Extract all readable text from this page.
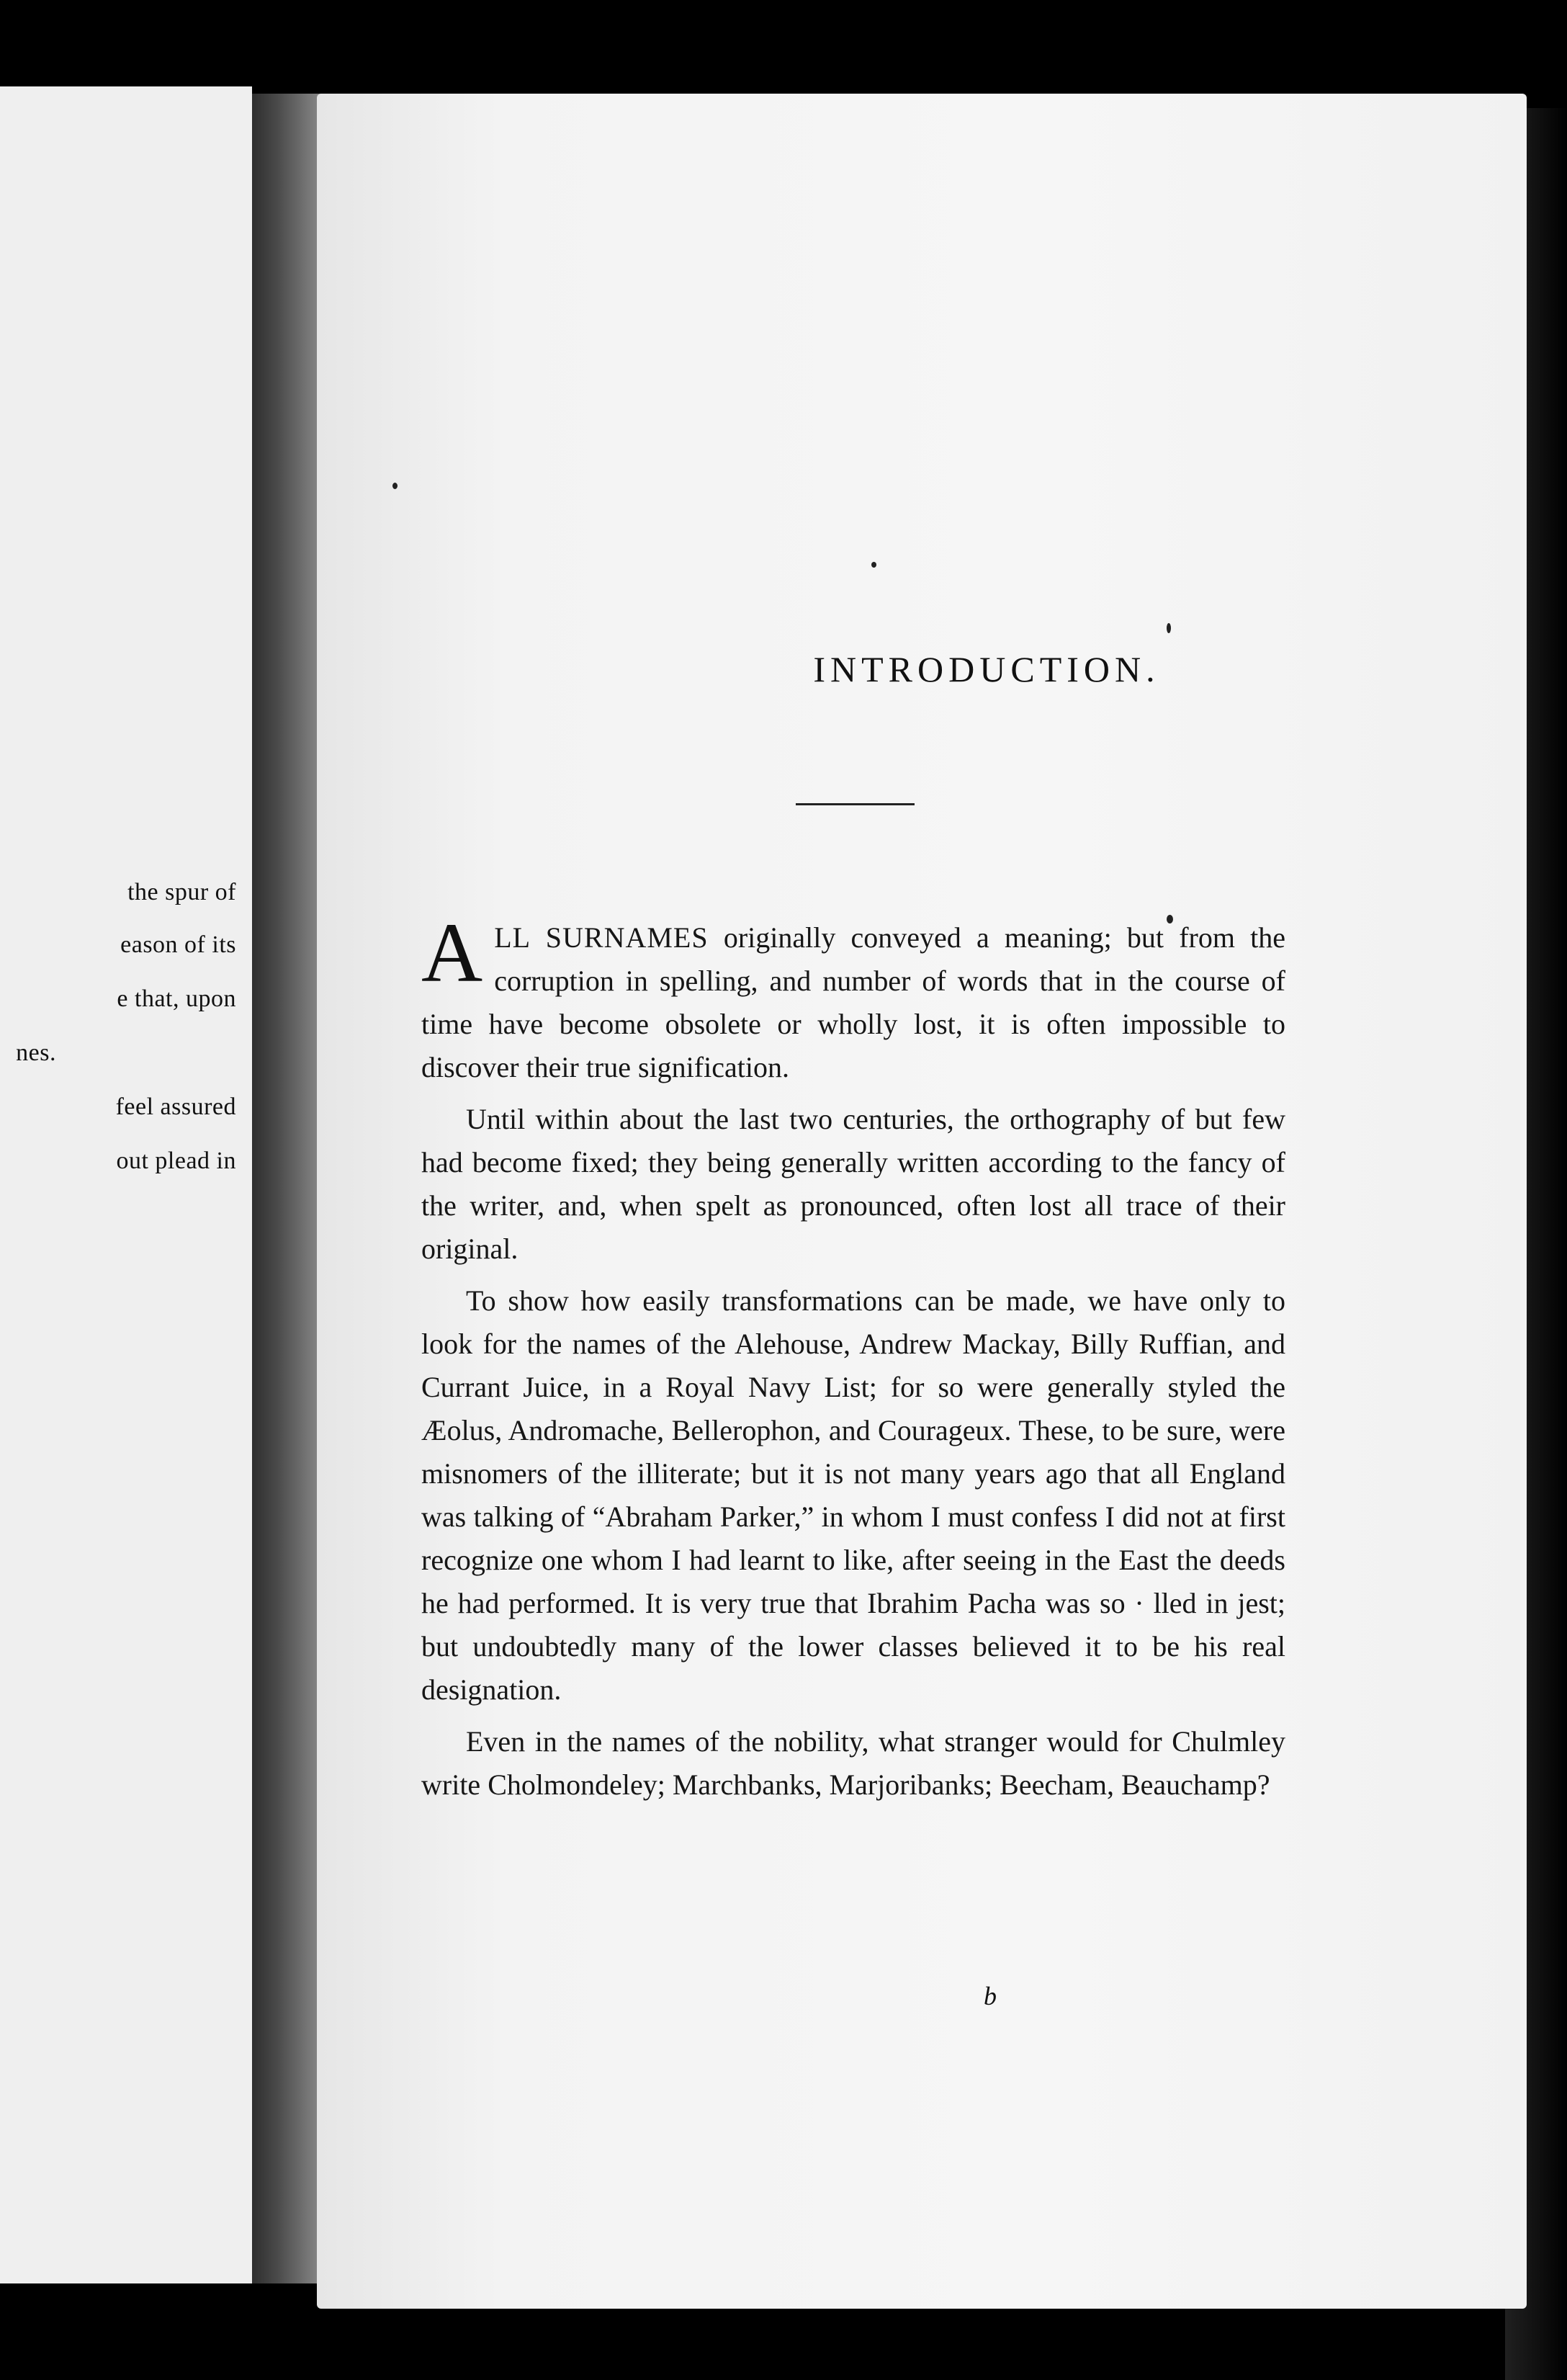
the spur of
eason of its
e that, upon
nes.
feel assured
out plead in
INTRODUCTION.

A LL SURNAMES originally conveyed a meaning; but from the corruption in spelling, and number of words that in the course of time have become obsolete or wholly lost, it is often impossible to discover their true signification.

Until within about the last two centuries, the orthography of but few had become fixed; they being generally written according to the fancy of the writer, and, when spelt as pronounced, often lost all trace of their original.

To show how easily transformations can be made, we have only to look for the names of the Alehouse, Andrew Mackay, Billy Ruffian, and Currant Juice, in a Royal Navy List; for so were generally styled the Æolus, Andromache, Bellerophon, and Courageux. These, to be sure, were misnomers of the illiterate; but it is not many years ago that all England was talking of “Abraham Parker,” in whom I must confess I did not at first recognize one whom I had learnt to like, after seeing in the East the deeds he had performed. It is very true that Ibrahim Pacha was so · lled in jest; but undoubtedly many of the lower classes believed it to be his real designation.

Even in the names of the nobility, what stranger would for Chulmley write Cholmondeley; Marchbanks, Marjoribanks; Beecham, Beauchamp?

b
